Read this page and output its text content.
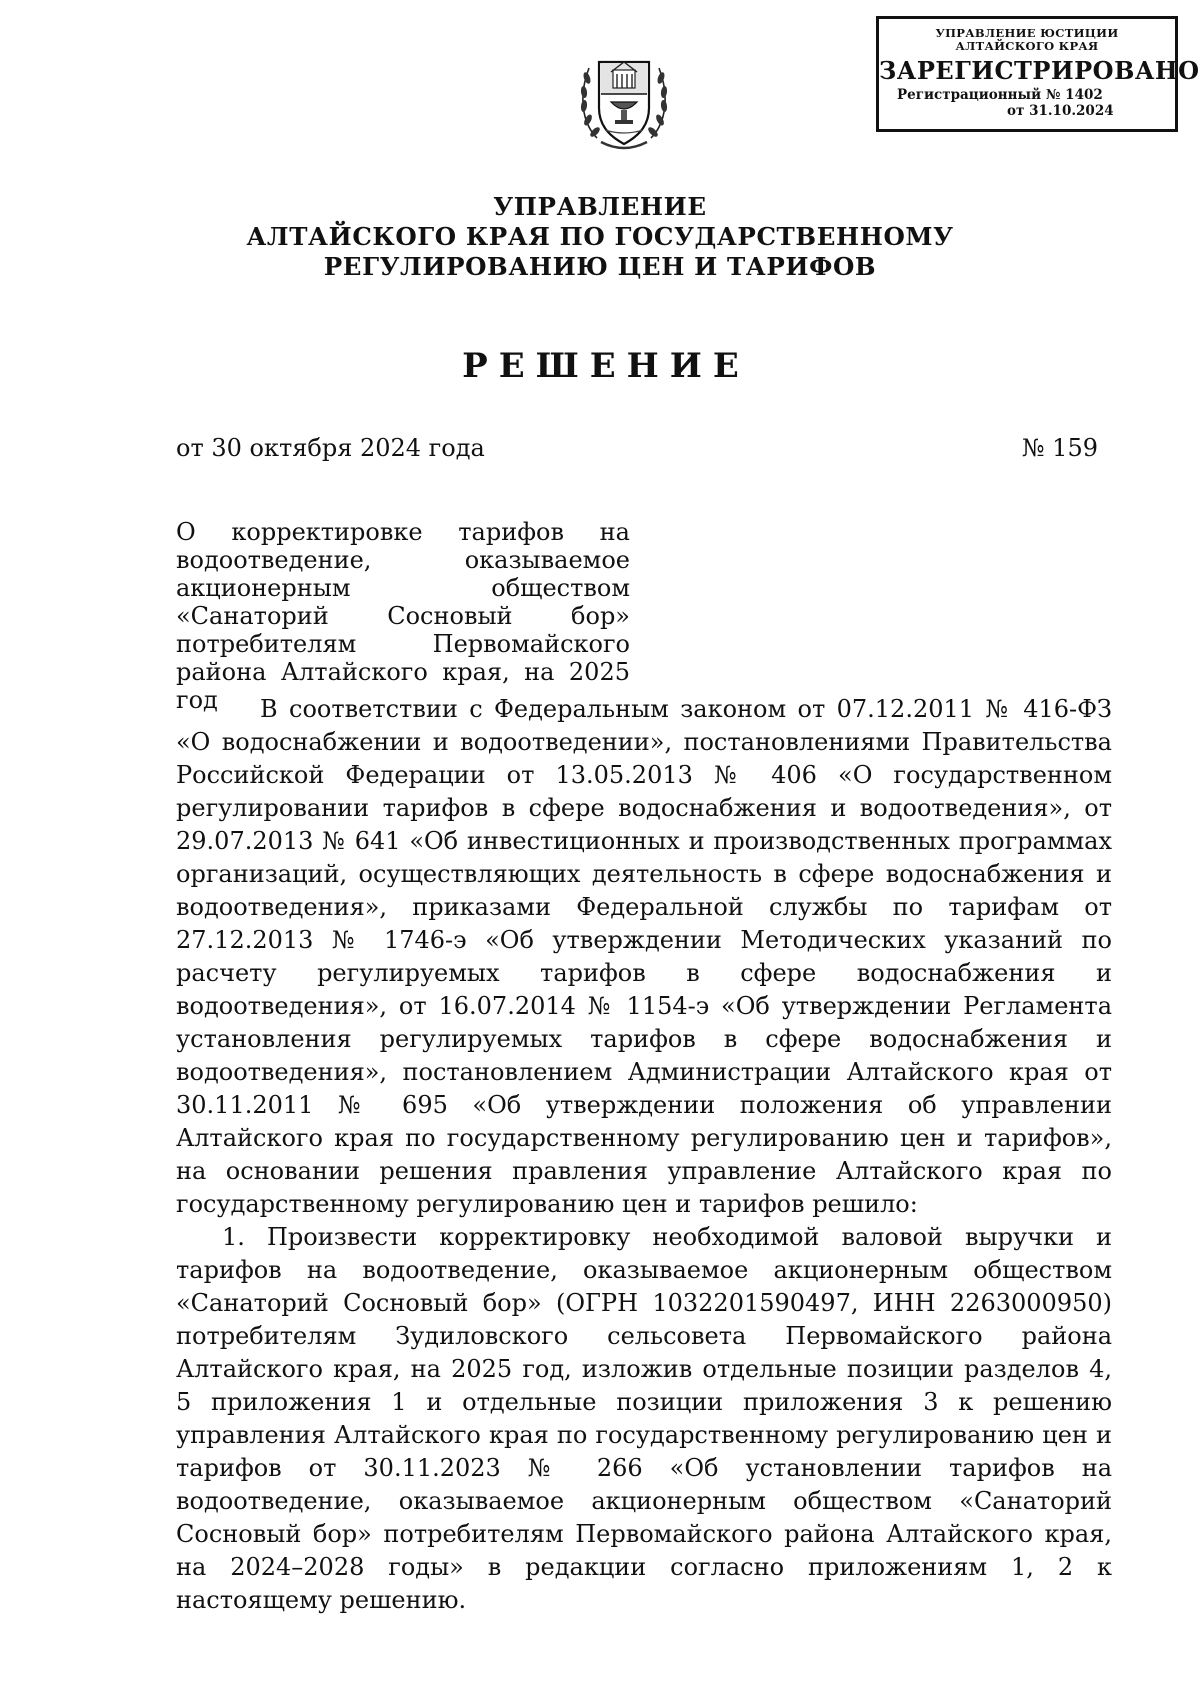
УПРАВЛЕНИЕ ЮСТИЦИИ
АЛТАЙСКОГО КРАЯ
ЗАРЕГИСТРИРОВАНО
Регистрационный № 1402
от 31.10.2024
УПРАВЛЕНИЕ
АЛТАЙСКОГО КРАЯ ПО ГОСУДАРСТВЕННОМУ
РЕГУЛИРОВАНИЮ ЦЕН И ТАРИФОВ
РЕШЕНИЕ
от 30 октября 2024 года	№ 159
О корректировке тарифов на водоотведение, оказываемое акционерным обществом «Санаторий Сосновый бор» потребителям Первомайского района Алтайского края, на 2025 год	В соответствии с Федеральным законом от 07.12.2011 № 416-ФЗ «О водоснабжении и водоотведении», постановлениями Правительства Российской Федерации от 13.05.2013 № 406 «О государственном регулировании тарифов в сфере водоснабжения и водоотведения», от 29.07.2013 № 641 «Об инвестиционных и производственных программах организаций, осуществляющих деятельность в сфере водоснабжения и водоотведения», приказами Федеральной службы по тарифам от 27.12.2013 № 1746-э «Об утверждении Методических указаний по расчету регулируемых тарифов в сфере водоснабжения и водоотведения», от 16.07.2014 № 1154-э «Об утверждении Регламента установления регулируемых тарифов в сфере водоснабжения и водоотведения», постановлением Администрации Алтайского края от 30.11.2011 № 695 «Об утверждении положения об управлении Алтайского края по государственному регулированию цен и тарифов», на основании решения правления управление Алтайского края по государственному регулированию цен и тарифов решило:

1. Произвести корректировку необходимой валовой выручки и тарифов на водоотведение, оказываемое акционерным обществом «Санаторий Сосновый бор» (ОГРН 1032201590497, ИНН 2263000950) потребителям Зудиловского сельсовета Первомайского района Алтайского края, на 2025 год, изложив отдельные позиции разделов 4, 5 приложения 1 и отдельные позиции приложения 3 к решению управления Алтайского края по государственному регулированию цен и тарифов от 30.11.2023 № 266 «Об установлении тарифов на водоотведение, оказываемое акционерным обществом «Санаторий Сосновый бор» потребителям Первомайского района Алтайского края, на 2024–2028 годы» в редакции согласно приложениям 1, 2 к настоящему решению.
